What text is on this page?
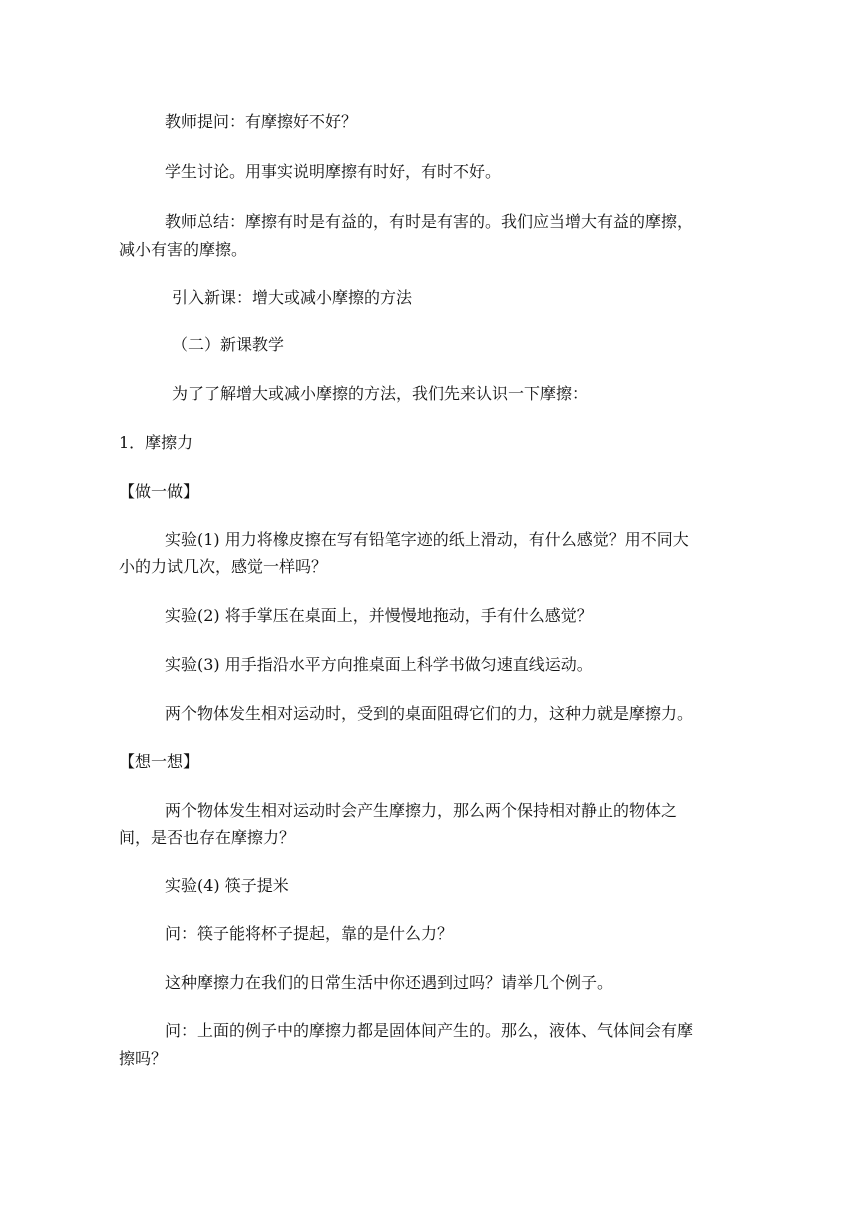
教师提问：有摩擦好不好？

学生讨论。用事实说明摩擦有时好，有时不好。

教师总结：摩擦有时是有益的，有时是有害的。我们应当增大有益的摩擦，

减小有害的摩擦。

引入新课：增大或减小摩擦的方法

（二）新课教学

为了了解增大或减小摩擦的方法，我们先来认识一下摩擦：

1．摩擦力

【做一做】

实验(1) 用力将橡皮擦在写有铅笔字迹的纸上滑动，有什么感觉？用不同大

小的力试几次，感觉一样吗？

实验(2) 将手掌压在桌面上，并慢慢地拖动，手有什么感觉？

实验(3) 用手指沿水平方向推桌面上科学书做匀速直线运动。

两个物体发生相对运动时，受到的桌面阻碍它们的力，这种力就是摩擦力。

【想一想】

两个物体发生相对运动时会产生摩擦力，那么两个保持相对静止的物体之

间，是否也存在摩擦力？

实验(4) 筷子提米

问：筷子能将杯子提起，靠的是什么力？

这种摩擦力在我们的日常生活中你还遇到过吗？请举几个例子。

问：上面的例子中的摩擦力都是固体间产生的。那么，液体、气体间会有摩

擦吗？
